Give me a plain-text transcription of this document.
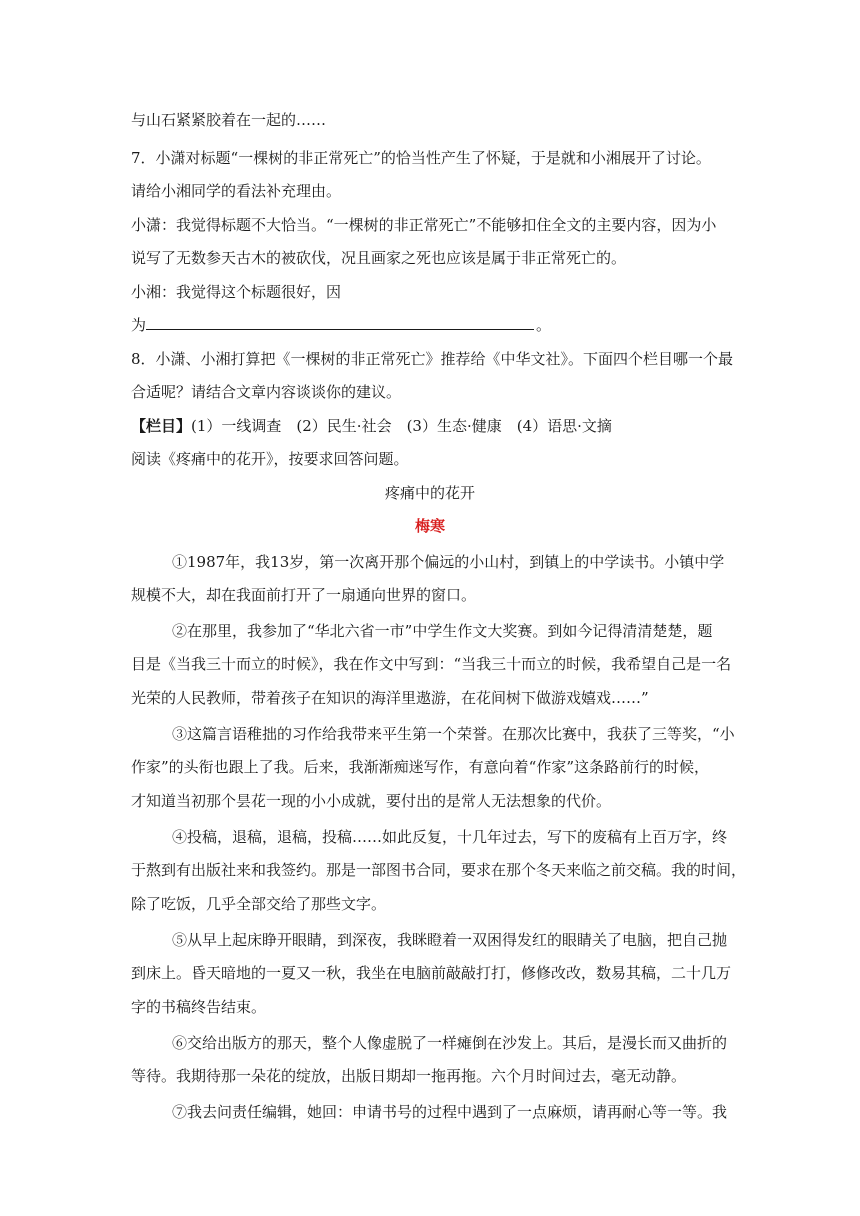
与山石紧紧胶着在一起的……
7．小潇对标题“一棵树的非正常死亡”的恰当性产生了怀疑，于是就和小湘展开了讨论。
请给小湘同学的看法补充理由。
小潇：我觉得标题不大恰当。“一棵树的非正常死亡”不能够扣住全文的主要内容，因为小
说写了无数参天古木的被砍伐，况且画家之死也应该是属于非正常死亡的。
小湘：我觉得这个标题很好，因
为	。
8．小潇、小湘打算把《一棵树的非正常死亡》推荐给《中华文社》。下面四个栏目哪一个最
合适呢？请结合文章内容谈谈你的建议。
【栏目】(1）一线调查　(2）民生·社会　(3）生态·健康　(4）语思·文摘
阅读《疼痛中的花开》，按要求回答问题。
疼痛中的花开
梅寒
①1987年，我13岁，第一次离开那个偏远的小山村，到镇上的中学读书。小镇中学
规模不大，却在我面前打开了一扇通向世界的窗口。
②在那里，我参加了“华北六省一市”中学生作文大奖赛。到如今记得清清楚楚，题
目是《当我三十而立的时候》，我在作文中写到：“当我三十而立的时候，我希望自己是一名
光荣的人民教师，带着孩子在知识的海洋里遨游，在花间树下做游戏嬉戏……”
③这篇言语稚拙的习作给我带来平生第一个荣誉。在那次比赛中，我获了三等奖，“小
作家”的头衔也跟上了我。后来，我渐渐痴迷写作，有意向着“作家”这条路前行的时候，
才知道当初那个昙花一现的小小成就，要付出的是常人无法想象的代价。
④投稿，退稿，退稿，投稿……如此反复，十几年过去，写下的废稿有上百万字，终
于熬到有出版社来和我签约。那是一部图书合同，要求在那个冬天来临之前交稿。我的时间，
除了吃饭，几乎全部交给了那些文字。
⑤从早上起床睁开眼睛，到深夜，我眯瞪着一双困得发红的眼睛关了电脑，把自己抛
到床上。昏天暗地的一夏又一秋，我坐在电脑前敲敲打打，修修改改，数易其稿，二十几万
字的书稿终告结束。
⑥交给出版方的那天，整个人像虚脱了一样瘫倒在沙发上。其后，是漫长而又曲折的
等待。我期待那一朵花的绽放，出版日期却一拖再拖。六个月时间过去，毫无动静。
⑦我去问责任编辑，她回：申请书号的过程中遇到了一点麻烦，请再耐心等一等。我
